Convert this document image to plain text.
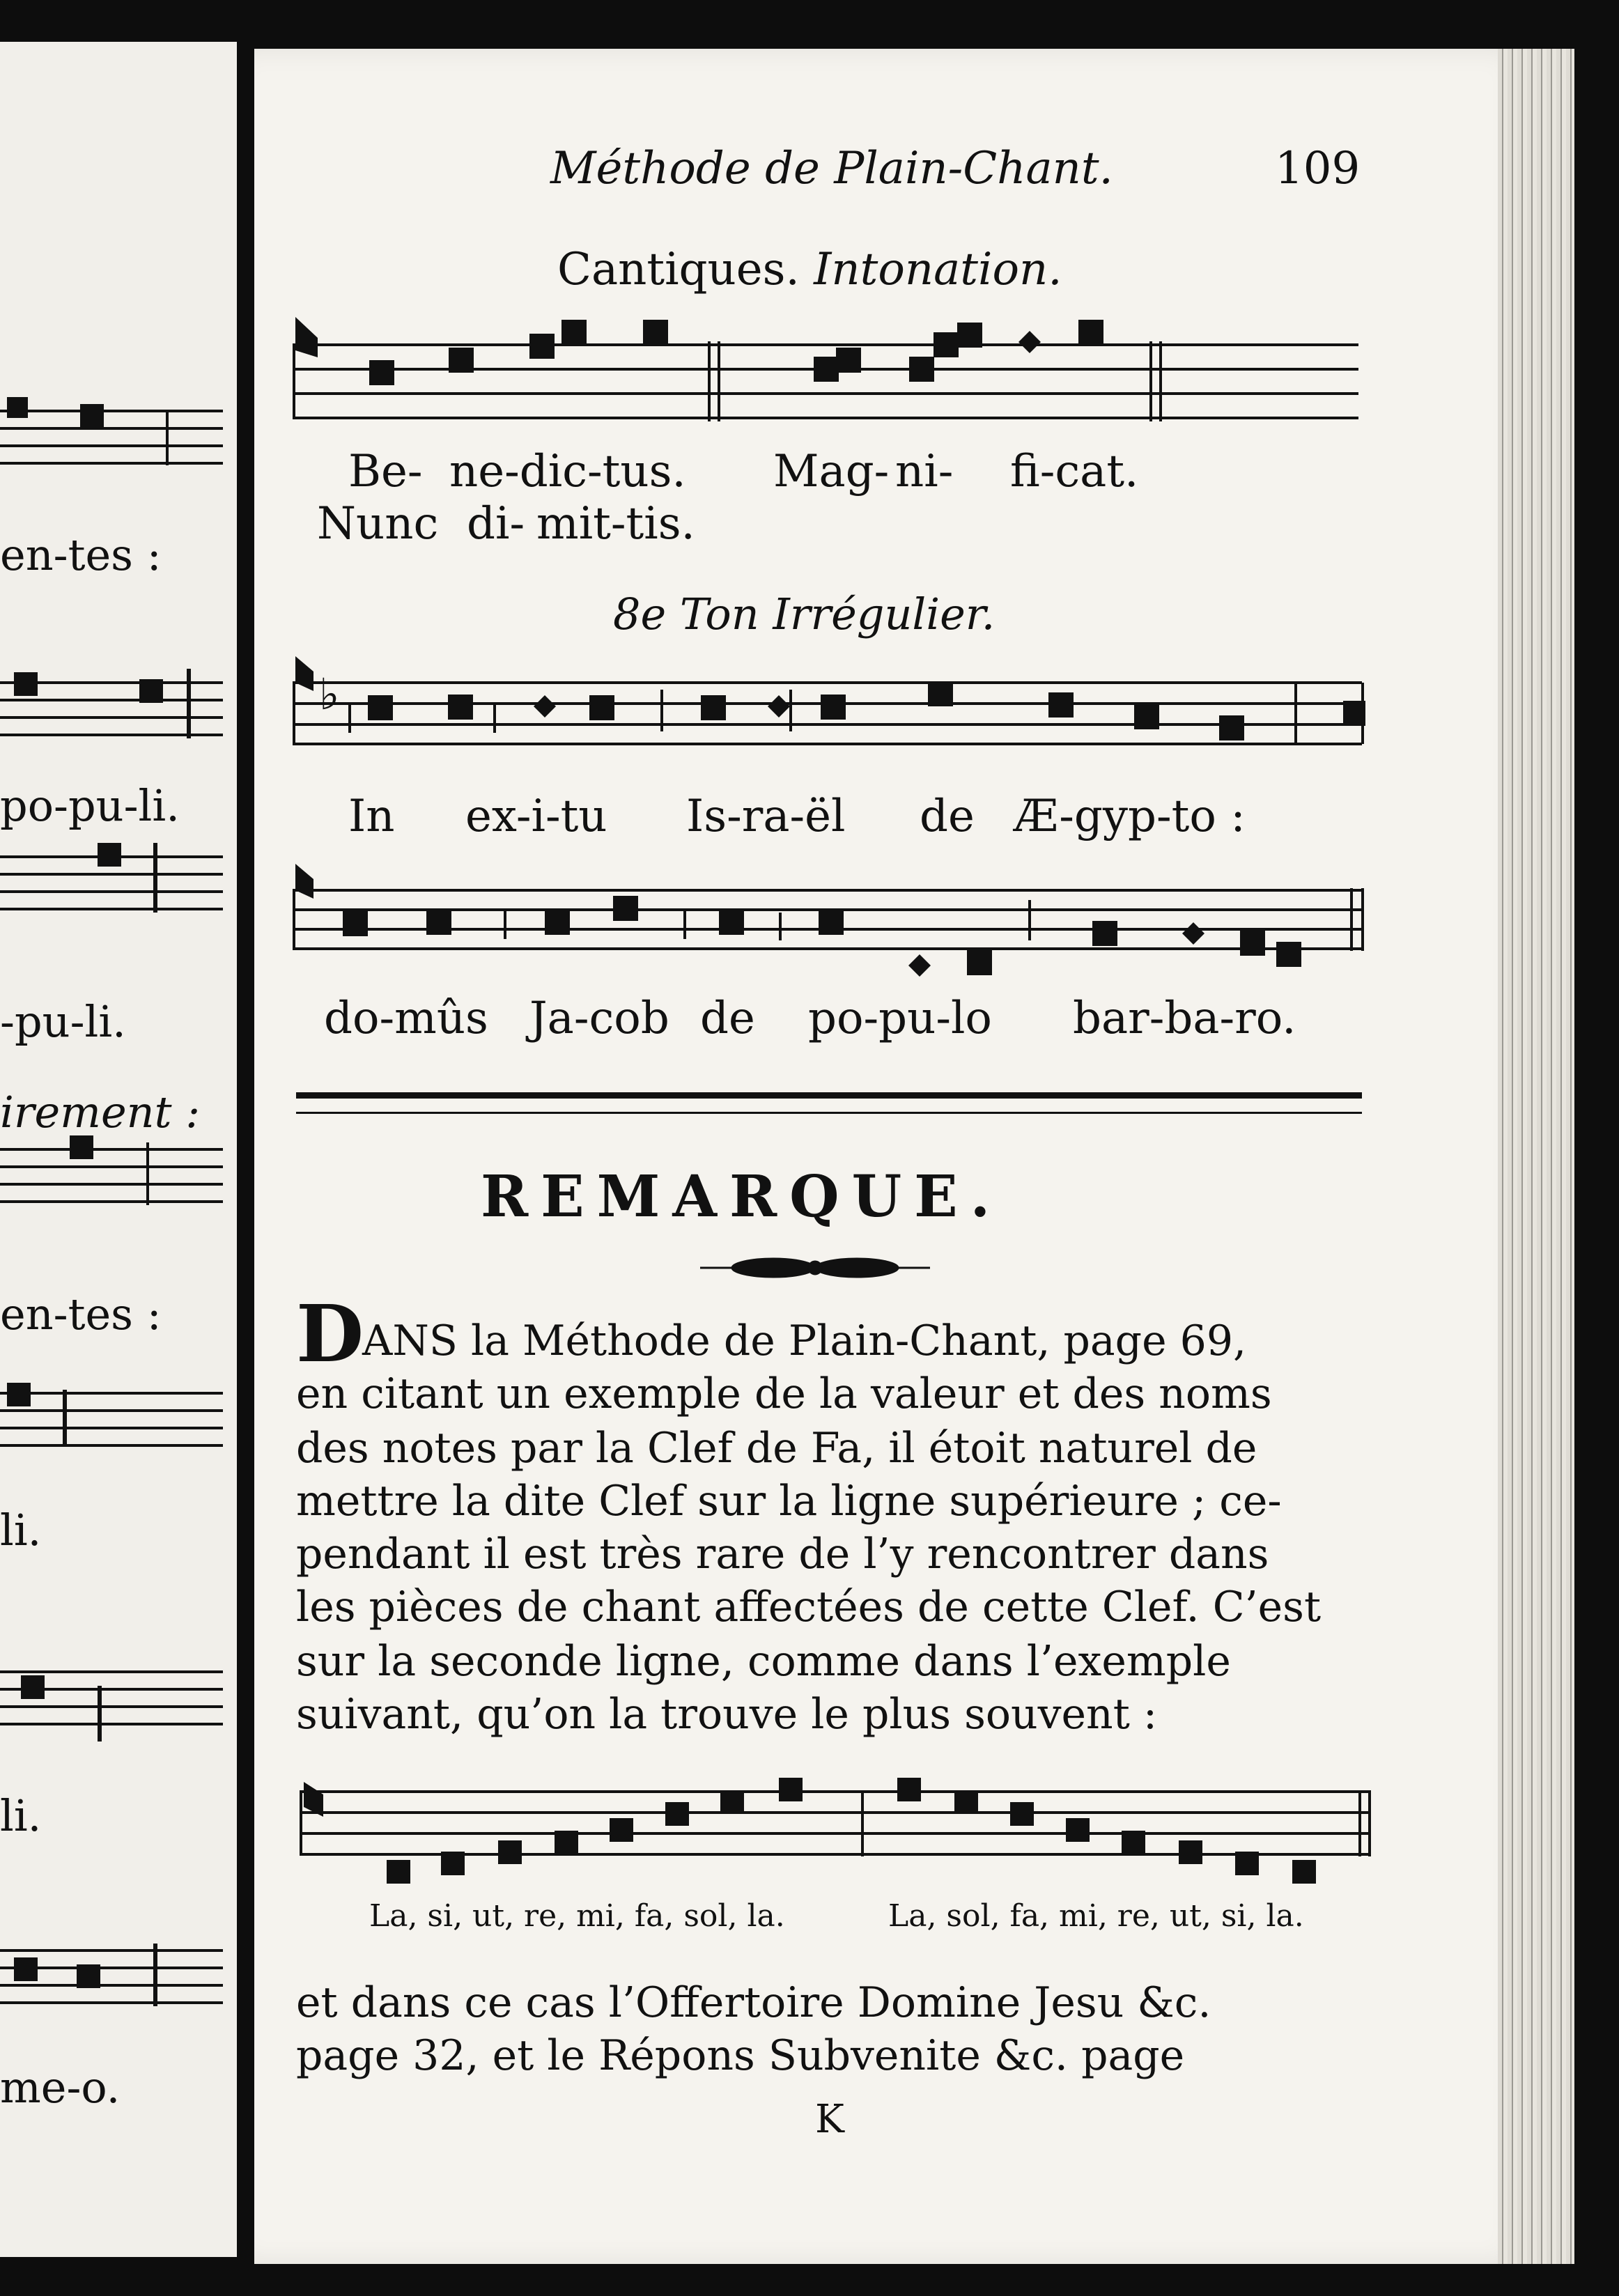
en-tes :
po-pu-li.
-pu-li.
irement :
en-tes :
li.
li.
me-o.
Méthode de Plain-Chant.	109
Cantiques. Intonation.
Be- ne-dic-tus. Mag- ni- fi-cat.
Nunc di- mit-tis.
8e Ton Irrégulier.
♭
In ex-i-tu Is-ra-ël de Æ-gyp-to :
do-mûs Ja-cob de po-pu-lo bar-ba-ro.
REMARQUE.
D
ANS la Méthode de Plain-Chant, page 69,
en citant un exemple de la valeur et des noms
des notes par la Clef de Fa, il étoit naturel de
mettre la dite Clef sur la ligne supérieure ; ce-
pendant il est très rare de l’y rencontrer dans
les pièces de chant affectées de cette Clef. C’est
sur la seconde ligne, comme dans l’exemple
suivant, qu’on la trouve le plus souvent :
La, si, ut, re, mi, fa, sol, la.	La, sol, fa, mi, re, ut, si, la.
et dans ce cas l’Offertoire Domine Jesu &c.
page 32, et le Répons Subvenite &c. page
K
